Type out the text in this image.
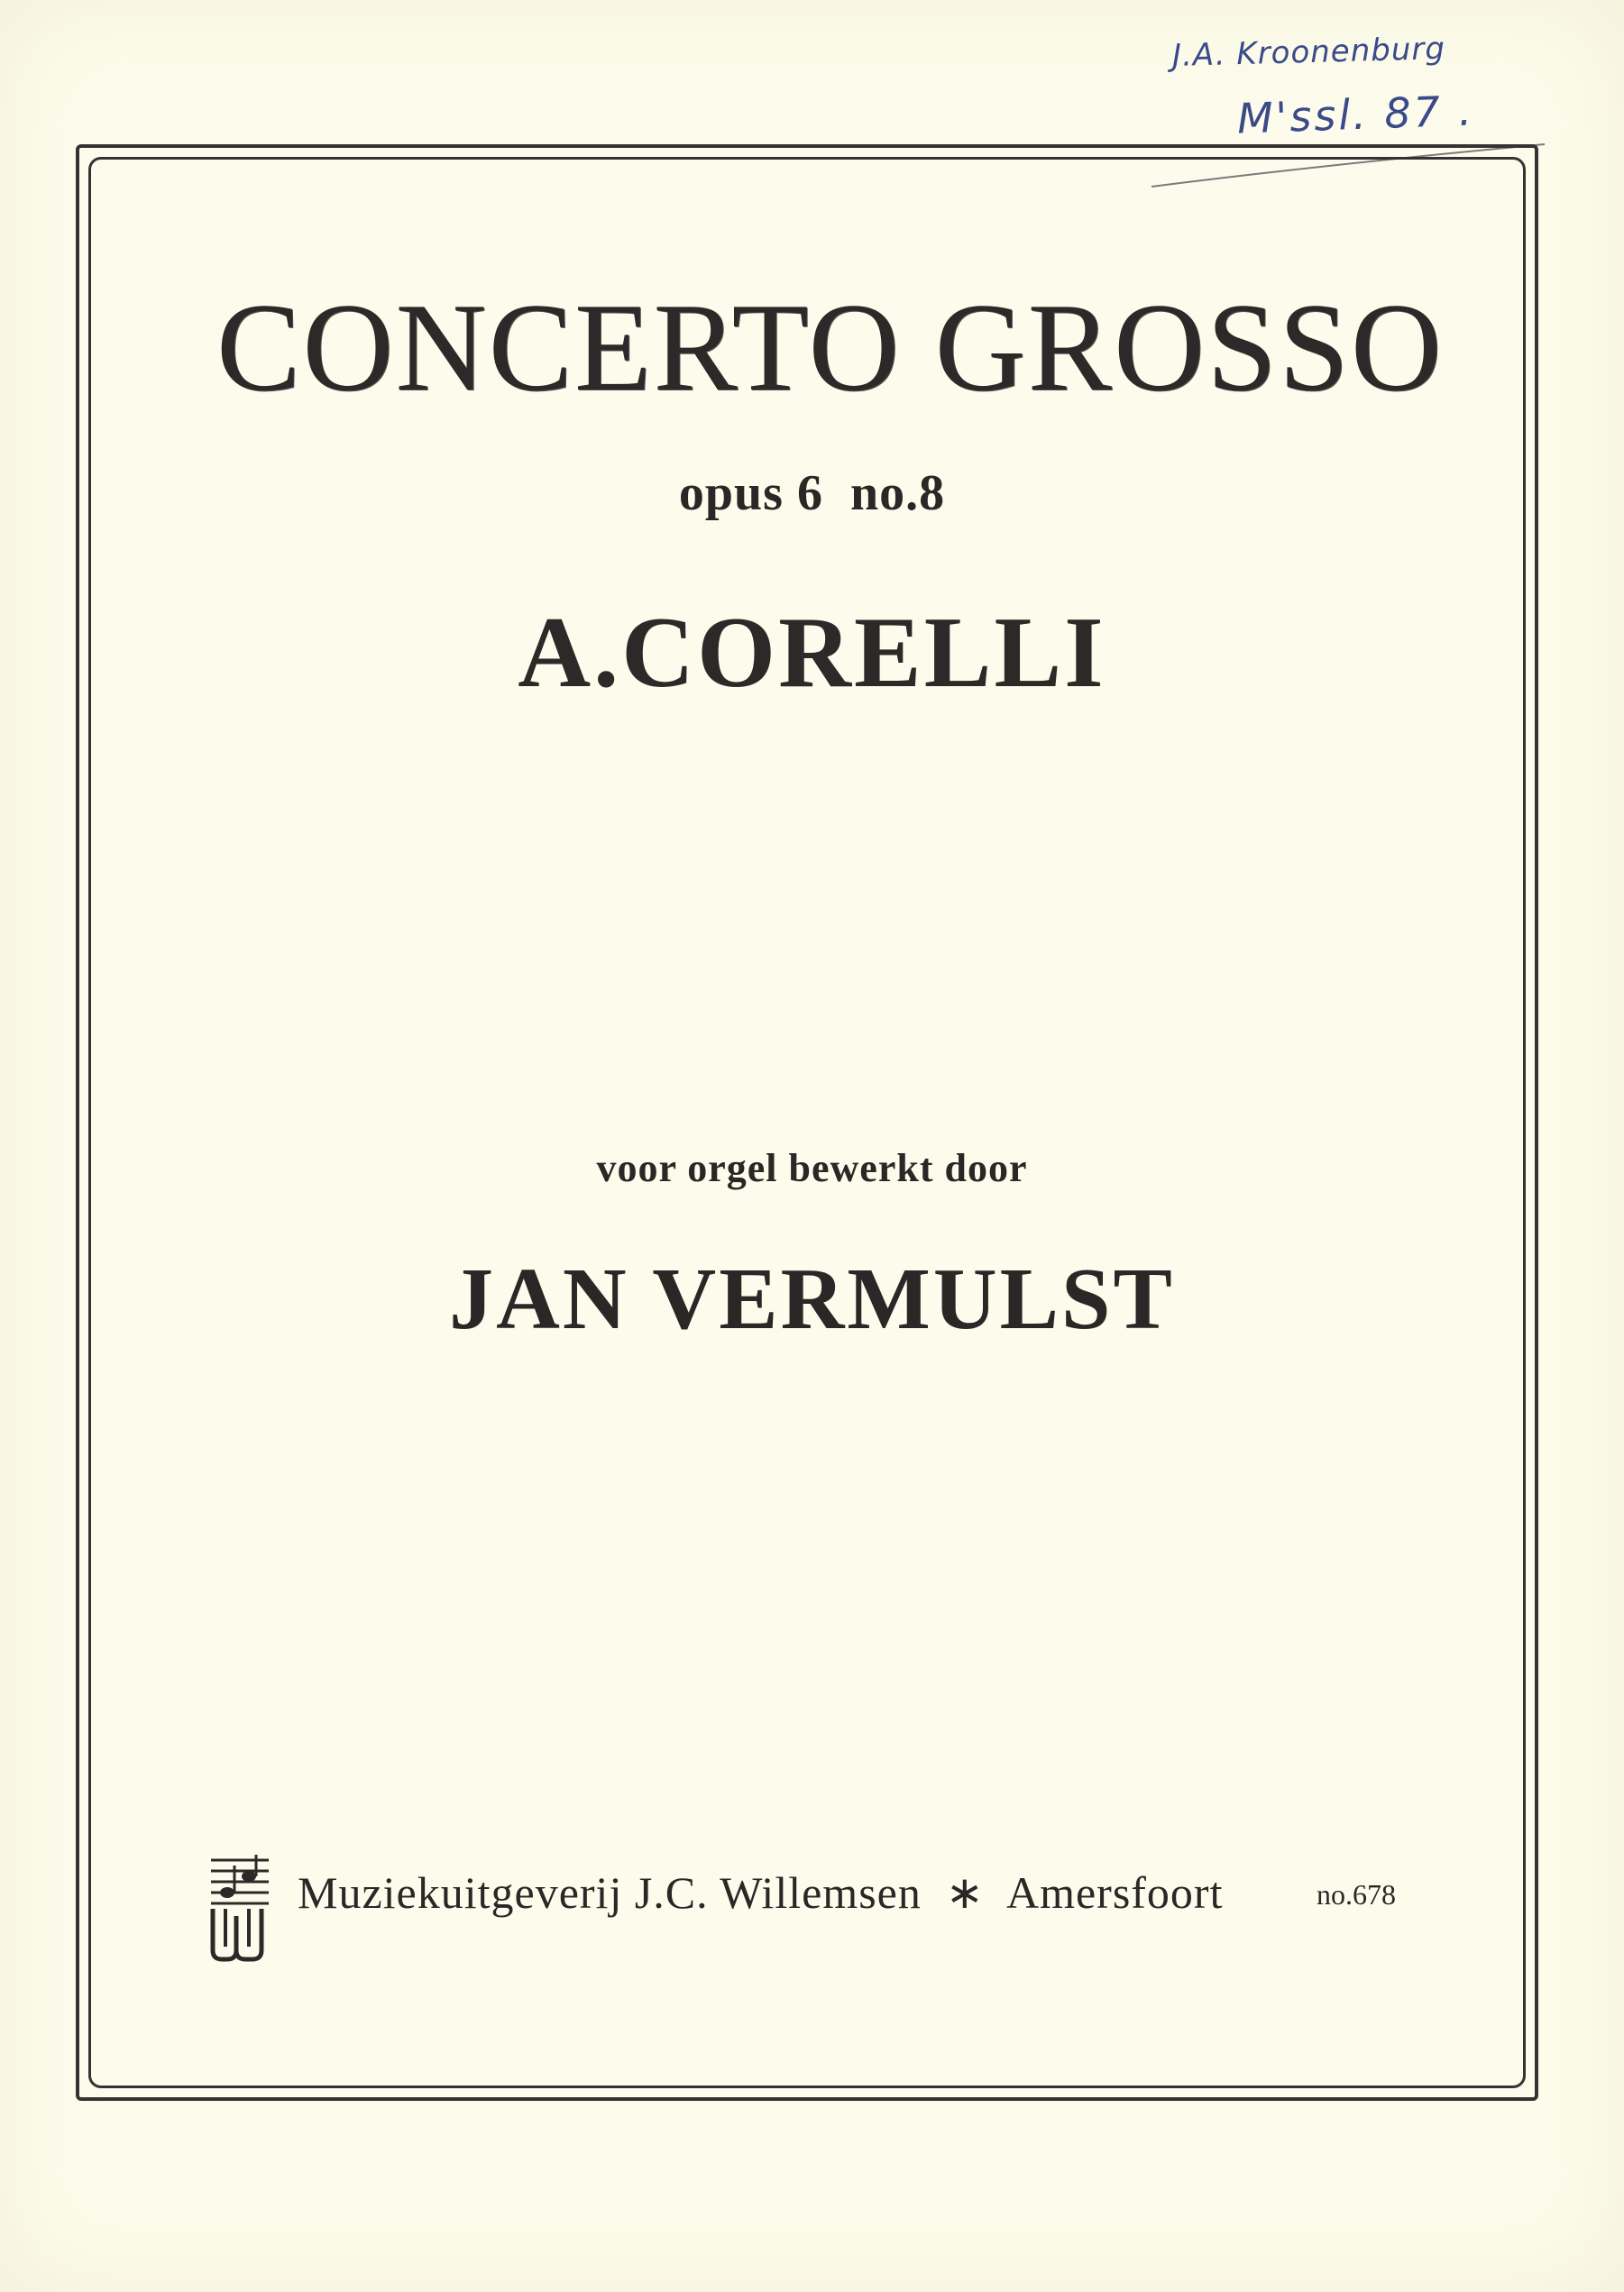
J.A. Kroonenburg
M'ssl. 87 .
CONCERTO GROSSO
opus 6  no.8
A.CORELLI
voor orgel bewerkt door
JAN VERMULST
Muziekuitgeverij J.C. Willemsen  ∗  Amersfoort	no.678
